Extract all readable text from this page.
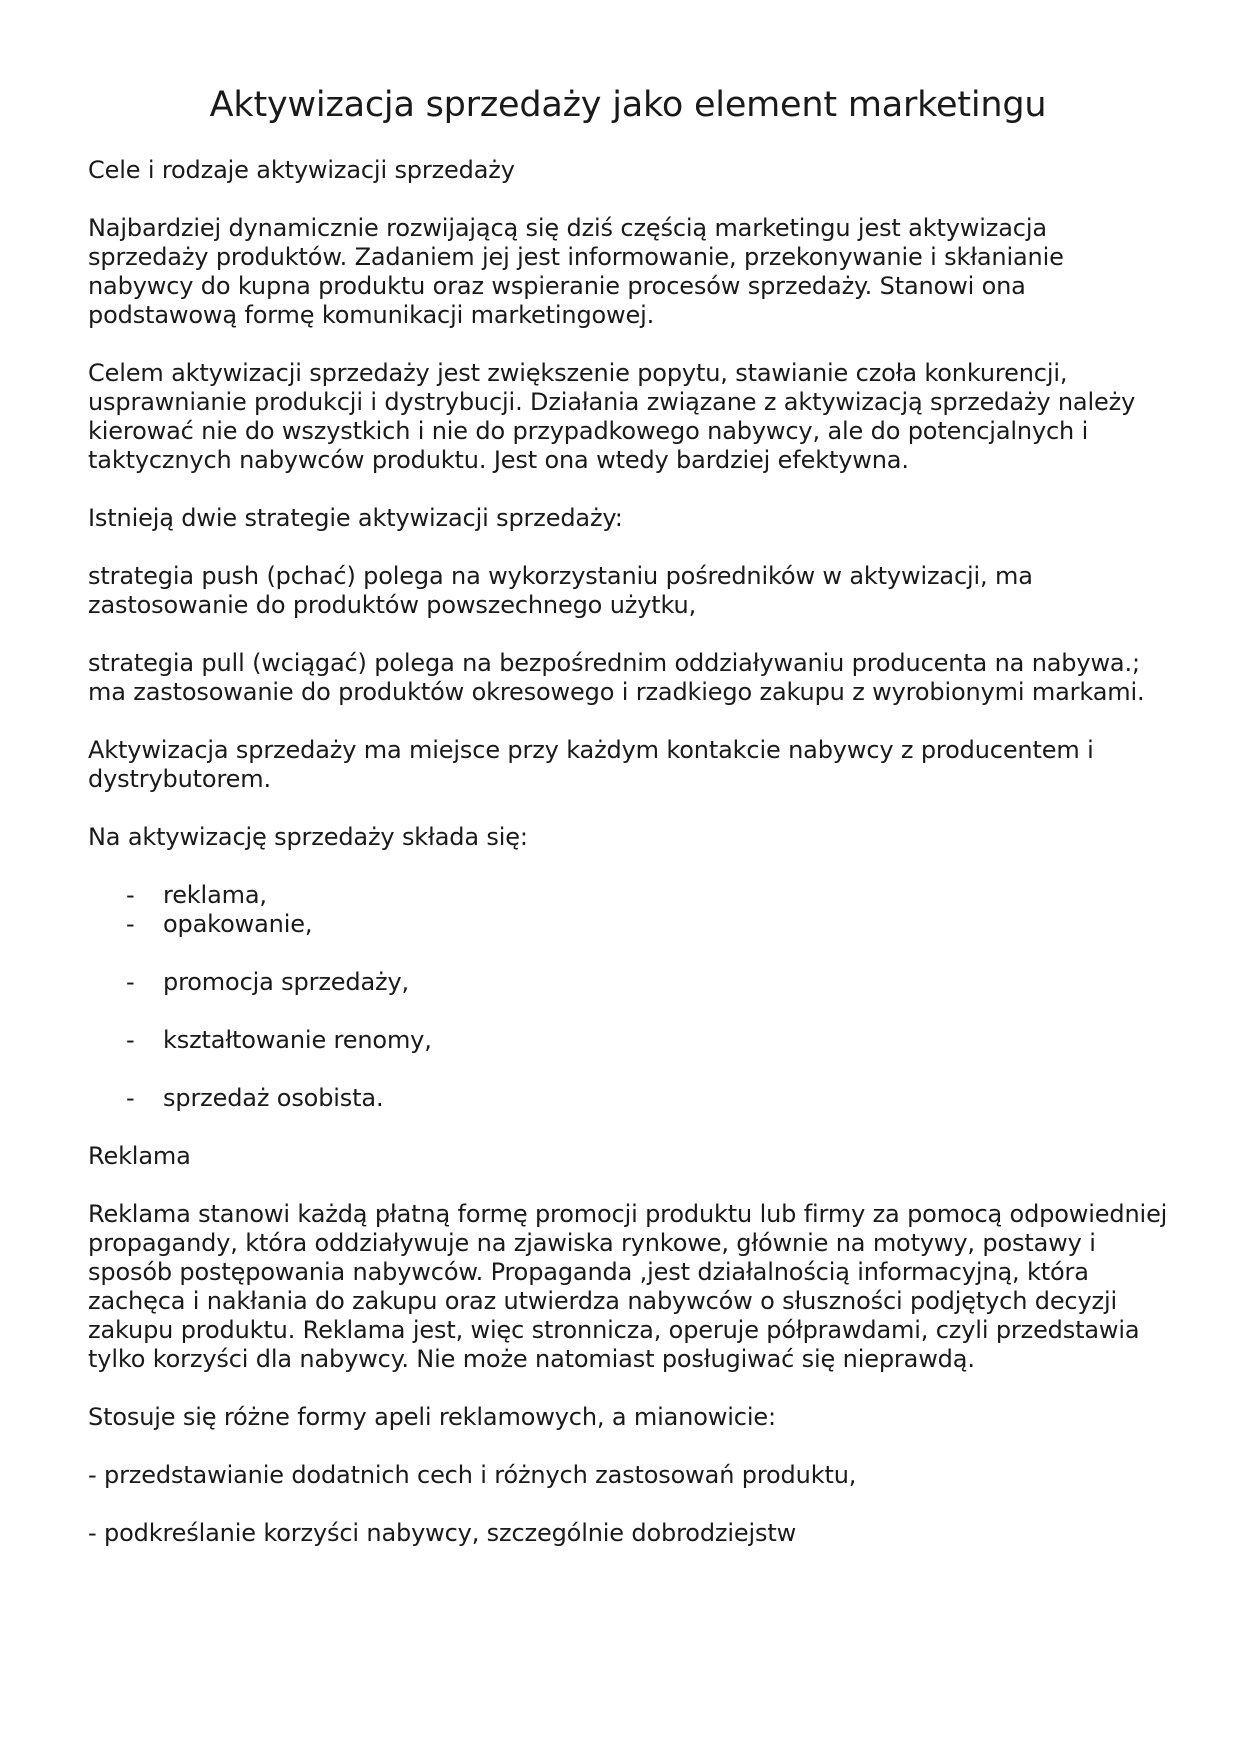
Aktywizacja sprzedaży jako element marketingu

Cele i rodzaje aktywizacji sprzedaży

Najbardziej dynamicznie rozwijającą się dziś częścią marketingu jest aktywizacja sprzedaży produktów. Zadaniem jej jest informowanie, przekonywanie i skłanianie nabywcy do kupna produktu oraz wspieranie procesów sprzedaży. Stanowi ona podstawową formę komunikacji marketingowej.

Celem aktywizacji sprzedaży jest zwiększenie popytu, stawianie czoła konkurencji, usprawnianie produkcji i dystrybucji. Działania związane z aktywizacją sprzedaży należy kierować nie do wszystkich i nie do przypadkowego nabywcy, ale do potencjalnych i taktycznych nabywców produktu. Jest ona wtedy bardziej efektywna.

Istnieją dwie strategie aktywizacji sprzedaży:

strategia push (pchać) polega na wykorzystaniu pośredników w aktywizacji, ma zastosowanie do produktów powszechnego użytku,

strategia pull (wciągać) polega na bezpośrednim oddziaływaniu producenta na nabywa.; ma zastosowanie do produktów okresowego i rzadkiego zakupu z wyrobionymi markami.

Aktywizacja sprzedaży ma miejsce przy każdym kontakcie nabywcy z producentem i dystrybutorem.

Na aktywizację sprzedaży składa się:

- reklama,
- opakowanie,
- promocja sprzedaży,
- kształtowanie renomy,
- sprzedaż osobista.

Reklama

Reklama stanowi każdą płatną formę promocji produktu lub firmy za pomocą odpowiedniej propagandy, która oddziaływuje na zjawiska rynkowe, głównie na motywy, postawy i sposób postępowania nabywców. Propaganda ,jest działalnością informacyjną, która zachęca i nakłania do zakupu oraz utwierdza nabywców o słuszności podjętych decyzji zakupu produktu. Reklama jest, więc stronnicza, operuje półprawdami, czyli przedstawia tylko korzyści dla nabywcy. Nie może natomiast posługiwać się nieprawdą.

Stosuje się różne formy apeli reklamowych, a mianowicie:

- przedstawianie dodatnich cech i różnych zastosowań produktu,

- podkreślanie korzyści nabywcy, szczególnie dobrodziejstw
